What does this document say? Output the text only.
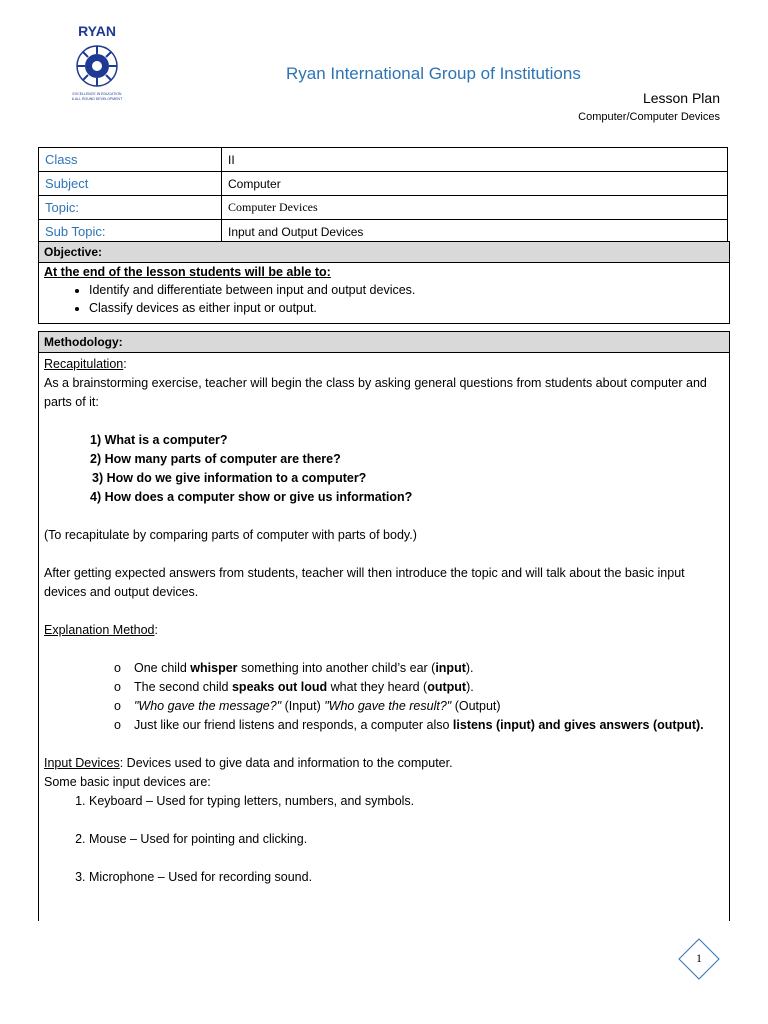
RYAN
EXCELLENCE IN EDUCATION
& ALL ROUND DEVELOPMENT
Ryan International Group of Institutions
Lesson Plan
Computer/Computer Devices
Class	II
Subject	Computer
Topic:	Computer Devices
Sub Topic:	Input and Output Devices
Objective:
At the end of the lesson students will be able to:
• Identify and differentiate between input and output devices.
• Classify devices as either input or output.
Methodology:

Recapitulation:

As a brainstorming exercise, teacher will begin the class by asking general questions from students about computer and parts of it:

1) What is a computer?
2) How many parts of computer are there?
3) How do we give information to a computer?
4) How does a computer show or give us information?

(To recapitulate by comparing parts of computer with parts of body.)

After getting expected answers from students, teacher will then introduce the topic and will talk about the basic input devices and output devices.

Explanation Method:

o One child whisper something into another child’s ear (input).
o The second child speaks out loud what they heard (output).
o "Who gave the message?" (Input) "Who gave the result?" (Output)
o Just like our friend listens and responds, a computer also listens (input) and gives answers (output).

Input Devices: Devices used to give data and information to the computer.

Some basic input devices are:

1. Keyboard – Used for typing letters, numbers, and symbols.
2. Mouse – Used for pointing and clicking.
3. Microphone – Used for recording sound.
1
